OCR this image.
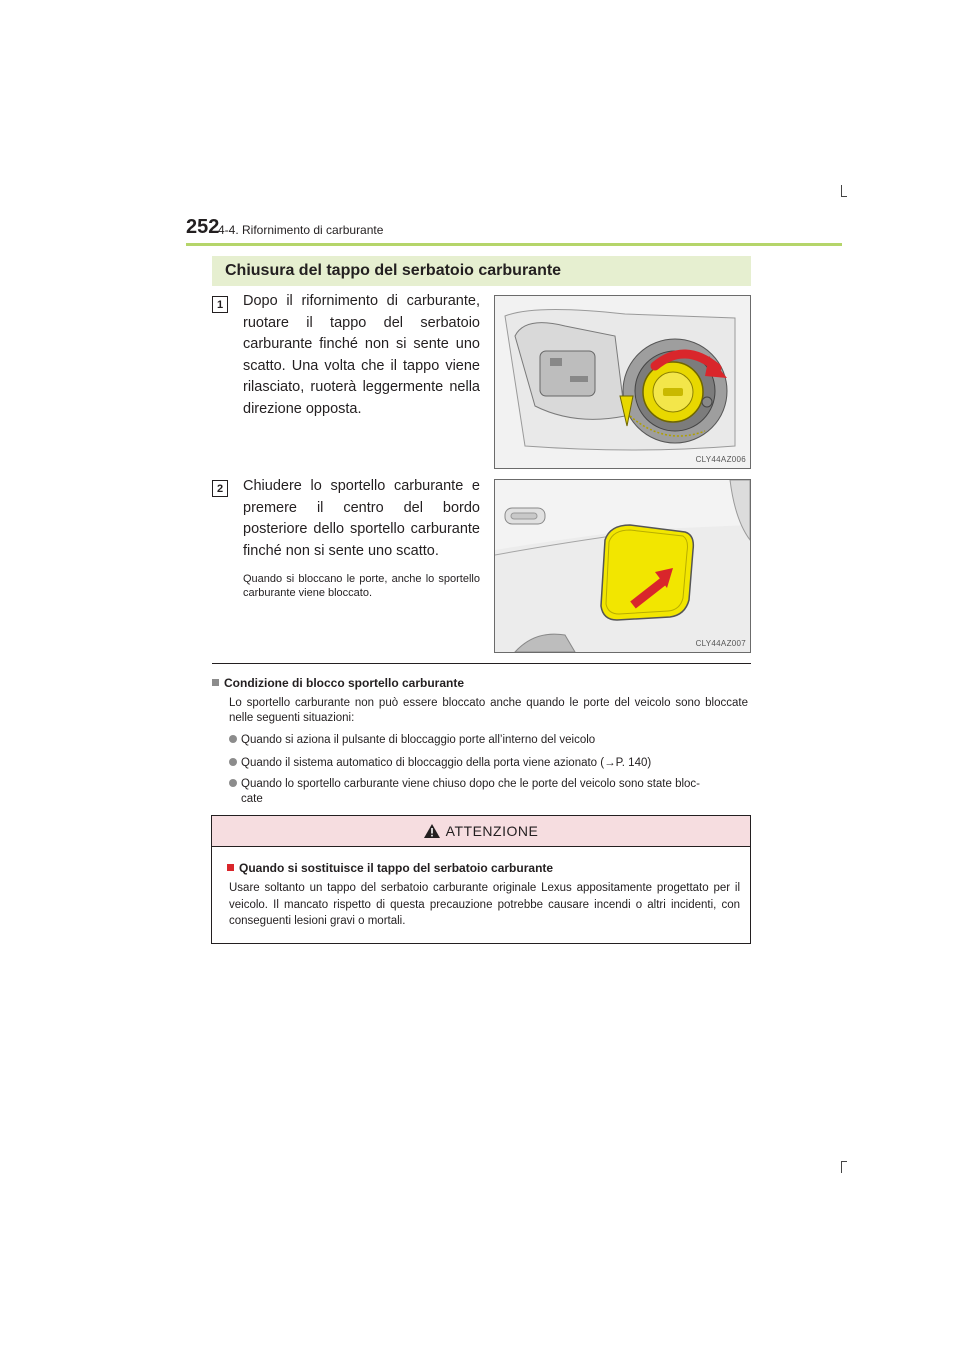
252
4-4. Rifornimento di carburante
Chiusura del tappo del serbatoio carburante
1	Dopo il rifornimento di carburante, ruotare il tappo del serbatoio carburante finché non si sente uno scatto. Una volta che il tappo viene rilasciato, ruoterà leggermente nella direzione opposta.
CLY44AZ006
2	Chiudere lo sportello carburante e premere il centro del bordo posteriore dello sportello carburante finché non si sente uno scatto.
Quando si bloccano le porte, anche lo sportello carburante viene bloccato.
CLY44AZ007
Condizione di blocco sportello carburante
Lo sportello carburante non può essere bloccato anche quando le porte del veicolo sono bloccate nelle seguenti situazioni:
Quando si aziona il pulsante di bloccaggio porte all’interno del veicolo
Quando il sistema automatico di bloccaggio della porta viene azionato (→P. 140)
Quando lo sportello carburante viene chiuso dopo che le porte del veicolo sono state bloc-
cate
ATTENZIONE
Quando si sostituisce il tappo del serbatoio carburante
Usare soltanto un tappo del serbatoio carburante originale Lexus appositamente progettato per il veicolo. Il mancato rispetto di questa precauzione potrebbe causare incendi o altri incidenti, con conseguenti lesioni gravi o mortali.
